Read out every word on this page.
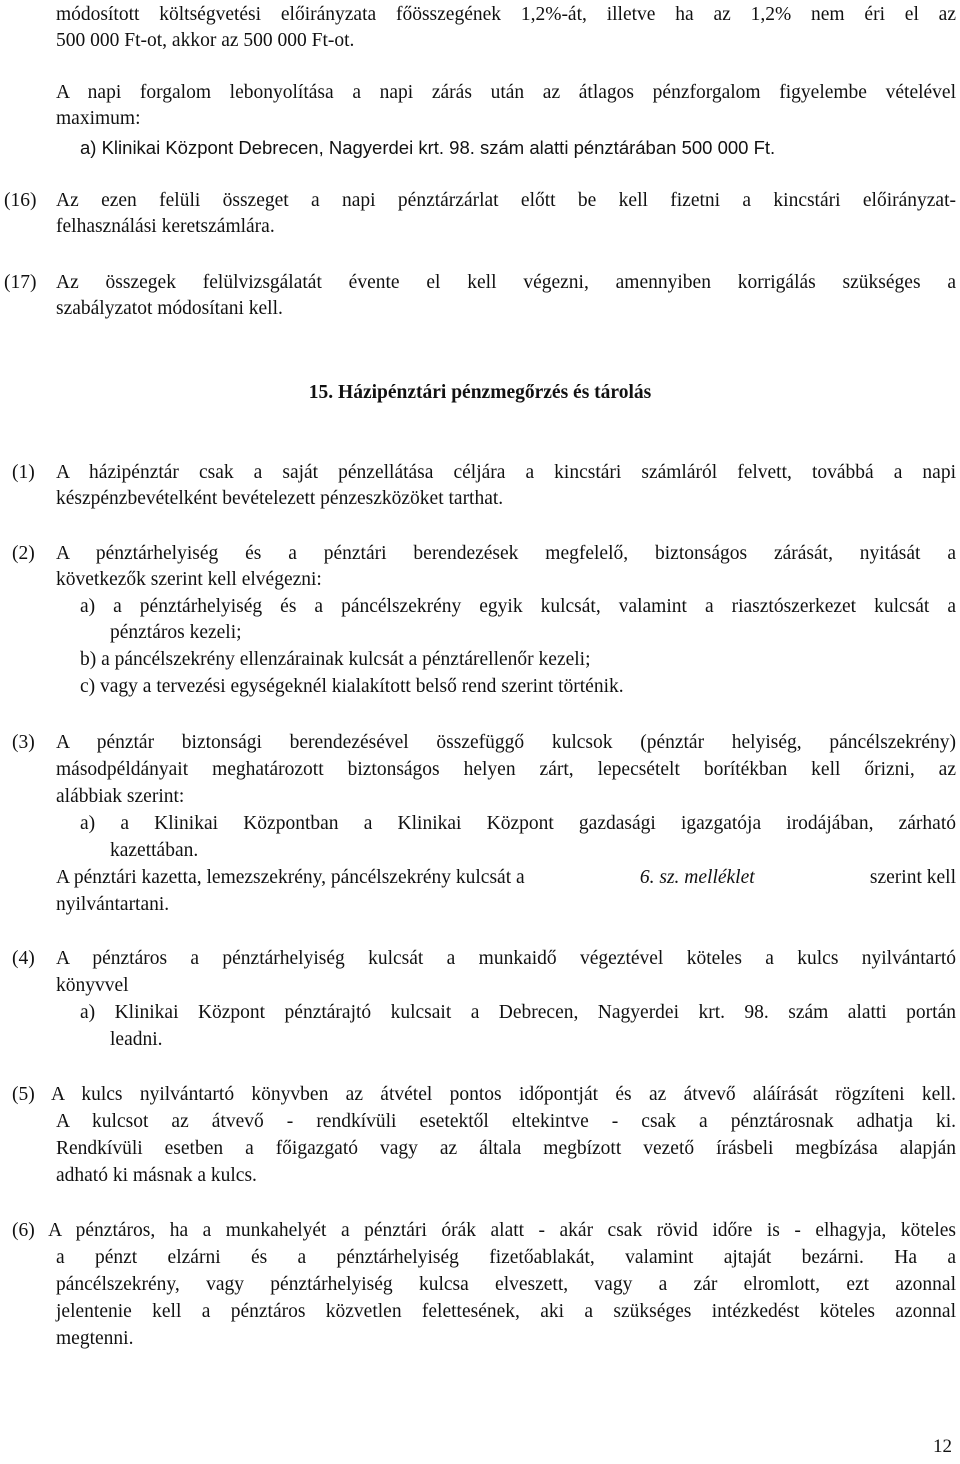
módosított költségvetési előirányzata főösszegének 1,2%-át, illetve ha az 1,2% nem éri el az
500 000 Ft-ot, akkor az 500 000 Ft-ot.
A napi forgalom lebonyolítása a napi zárás után az átlagos pénzforgalom figyelembe vételével
maximum:
a) Klinikai Központ Debrecen, Nagyerdei krt. 98. szám alatti pénztárában 500 000 Ft.
(16) Az ezen felüli összeget a napi pénztárzárlat előtt be kell fizetni a kincstári előirányzat-
felhasználási keretszámlára.
(17) Az összegek felülvizsgálatát évente el kell végezni, amennyiben korrigálás szükséges a
szabályzatot módosítani kell.
15. Házipénztári pénzmegőrzés és tárolás
(1) A házipénztár csak a saját pénzellátása céljára a kincstári számláról felvett, továbbá a napi
készpénzbevételként bevételezett pénzeszközöket tarthat.
(2) A pénztárhelyiség és a pénztári berendezések megfelelő, biztonságos zárását, nyitását a
következők szerint kell elvégezni:
a) a pénztárhelyiség és a páncélszekrény egyik kulcsát, valamint a riasztószerkezet kulcsát a
pénztáros kezeli;
b) a páncélszekrény ellenzárainak kulcsát a pénztárellenőr kezeli;
c) vagy a tervezési egységeknél kialakított belső rend szerint történik.
(3) A pénztár biztonsági berendezésével összefüggő kulcsok (pénztár helyiség, páncélszekrény)
másodpéldányait meghatározott biztonságos helyen zárt, lepecsételt borítékban kell őrizni, az
alábbiak szerint:
a) a Klinikai Központban a Klinikai Központ gazdasági igazgatója irodájában, zárható
kazettában.
A pénztári kazetta, lemezszekrény, páncélszekrény kulcsát a	6. sz. melléklet	szerint kell
nyilvántartani.
(4) A pénztáros a pénztárhelyiség kulcsát a munkaidő végeztével köteles a kulcs nyilvántartó
könyvvel
a) Klinikai Központ pénztárajtó kulcsait a Debrecen, Nagyerdei krt. 98. szám alatti portán
leadni.
(5) A kulcs nyilvántartó könyvben az átvétel pontos időpontját és az átvevő aláírását rögzíteni kell.
A kulcsot az átvevő - rendkívüli esetektől eltekintve - csak a pénztárosnak adhatja ki.
Rendkívüli esetben a főigazgató vagy az általa megbízott vezető írásbeli megbízása alapján
adható ki másnak a kulcs.
(6) A pénztáros, ha a munkahelyét a pénztári órák alatt - akár csak rövid időre is - elhagyja, köteles
a pénzt elzárni és a pénztárhelyiség fizetőablakát, valamint ajtaját bezárni. Ha a
páncélszekrény, vagy pénztárhelyiség kulcsa elveszett, vagy a zár elromlott, ezt azonnal
jelentenie kell a pénztáros közvetlen felettesének, aki a szükséges intézkedést köteles azonnal
megtenni.
12
